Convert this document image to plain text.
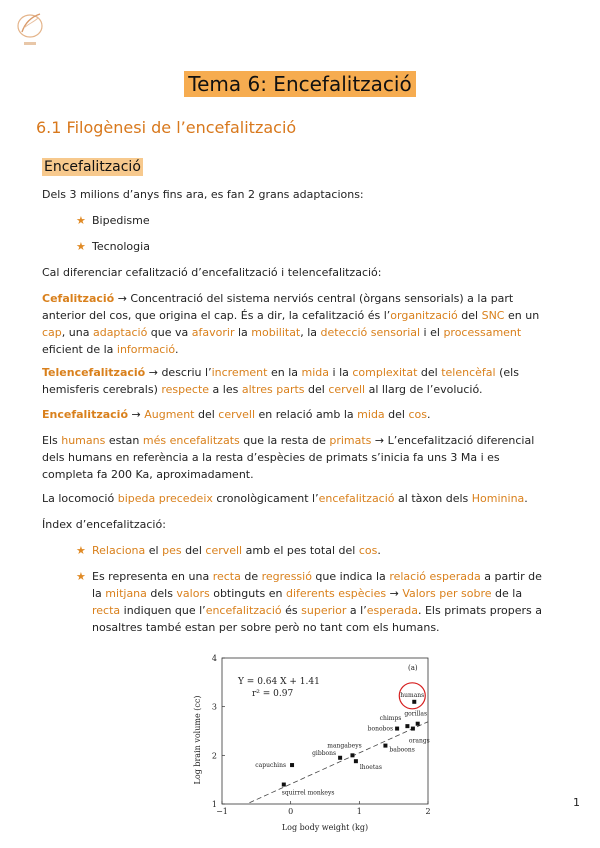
Tema 6: Encefalització
6.1 Filogènesi de l’encefalització
Encefalització
Dels 3 milions d’anys fins ara, es fan 2 grans adaptacions:
★ Bipedisme
★ Tecnologia
Cal diferenciar cefalització d’encefalització i telencefalització:
Cefalització → Concentració del sistema nerviós central (òrgans sensorials) a la part anterior del cos, que origina el cap. És a dir, la cefalització és l’organització del SNC en un cap, una adaptació que va afavorir la mobilitat, la detecció sensorial i el processament eficient de la informació.
Telencefalització → descriu l’increment en la mida i la complexitat del telencèfal (els hemisferis cerebrals) respecte a les altres parts del cervell al llarg de l’evolució.
Encefalització → Augment del cervell en relació amb la mida del cos.
Els humans estan més encefalitzats que la resta de primats → L’encefalització diferencial dels humans en referència a la resta d’espècies de primats s’inicia fa uns 3 Ma i es completa fa 200 Ka, aproximadament.
La locomoció bipeda precedeix cronològicament l’encefalització al tàxon dels Hominina.
Índex d’encefalització:
★ Relaciona el pes del cervell amb el pes total del cos.
★ Es representa en una recta de regressió que indica la relació esperada a partir de la mitjana dels valors obtinguts en diferents espècies → Valors per sobre de la recta indiquen que l’encefalització és superior a l’esperada. Els primats propers a nosaltres també estan per sobre però no tant com els humans.
−1	0	1	2
1
2
3
4
squirrel monkeys
capuchins
gibbons
mangabeys
lhoetas
baboons
bonobos
chimps
orangs
gorillas
humans
Y = 0.64 X + 1.41
r² = 0.97
(a)
Log body weight (kg)
Log brain volume (cc)
1
